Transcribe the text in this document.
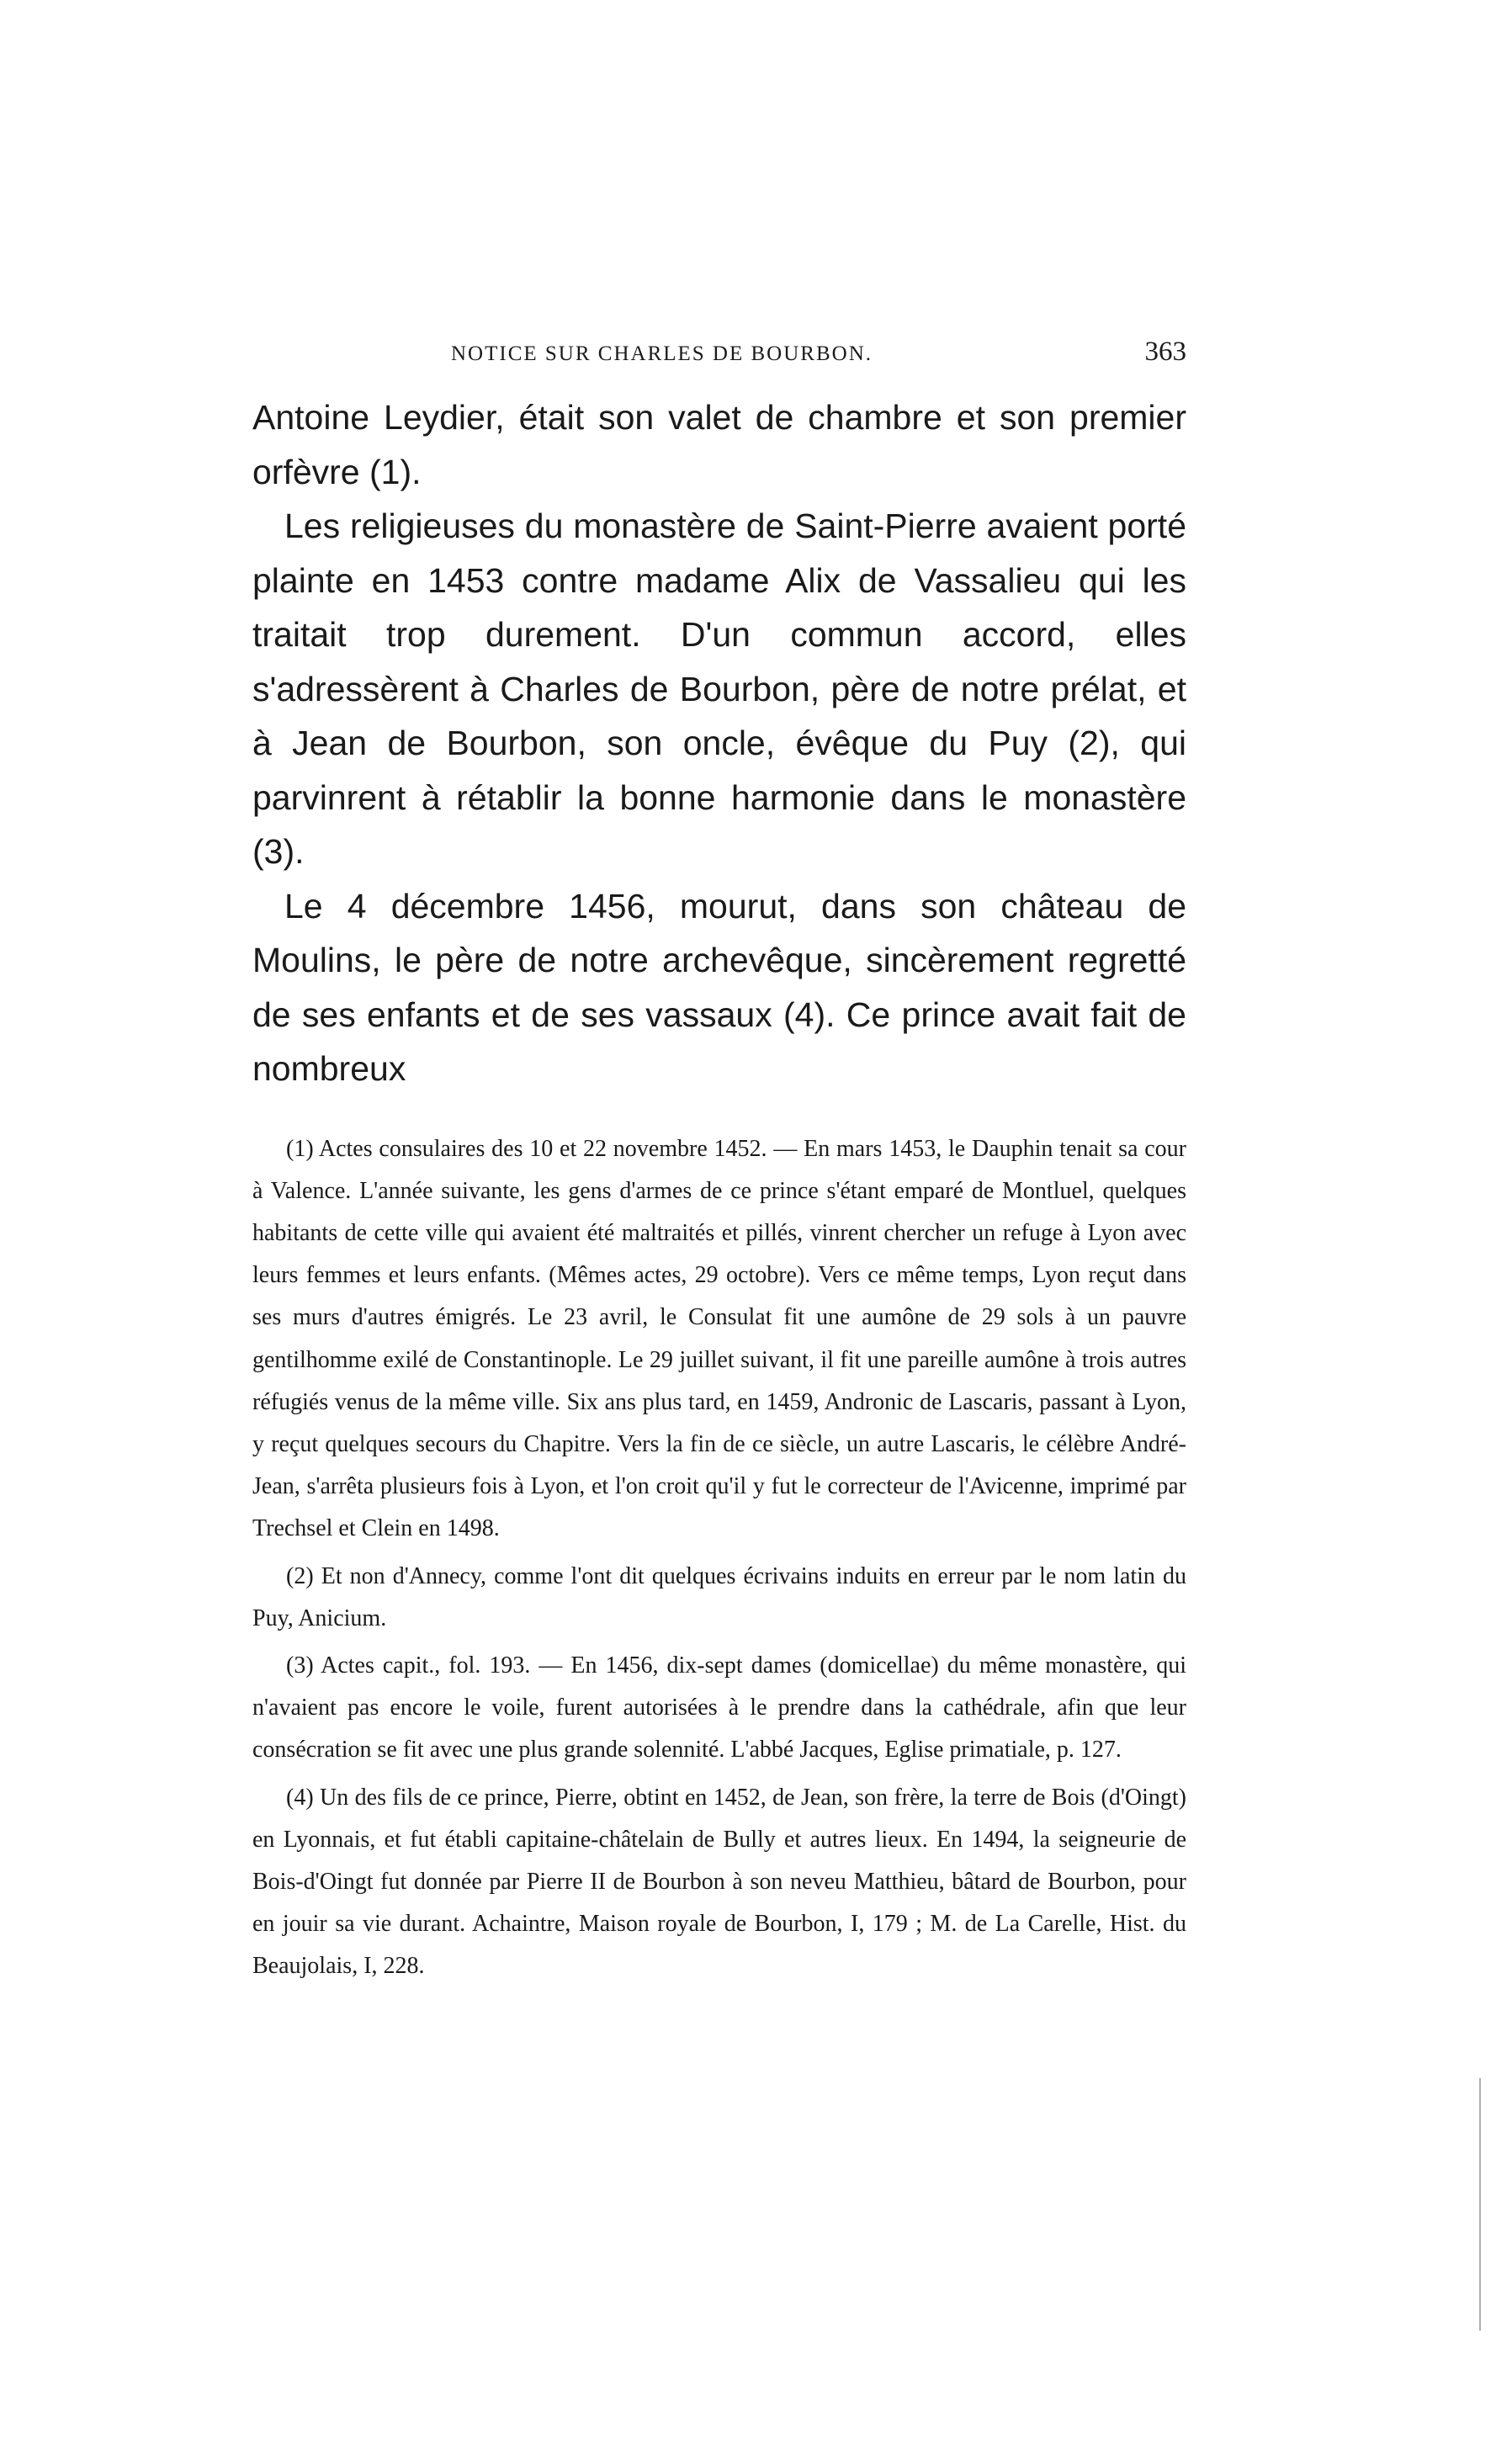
NOTICE SUR CHARLES DE BOURBON.	363

Antoine Leydier, était son valet de chambre et son premier orfèvre (1).

Les religieuses du monastère de Saint-Pierre avaient porté plainte en 1453 contre madame Alix de Vassalieu qui les traitait trop durement. D'un commun accord, elles s'adressèrent à Charles de Bourbon, père de notre prélat, et à Jean de Bourbon, son oncle, évêque du Puy (2), qui parvinrent à rétablir la bonne harmonie dans le monastère (3).

Le 4 décembre 1456, mourut, dans son château de Moulins, le père de notre archevêque, sincèrement regretté de ses enfants et de ses vassaux (4). Ce prince avait fait de nombreux

(1) Actes consulaires des 10 et 22 novembre 1452. — En mars 1453, le Dauphin tenait sa cour à Valence. L'année suivante, les gens d'armes de ce prince s'étant emparé de Montluel, quelques habitants de cette ville qui avaient été maltraités et pillés, vinrent chercher un refuge à Lyon avec leurs femmes et leurs enfants. (Mêmes actes, 29 octobre). Vers ce même temps, Lyon reçut dans ses murs d'autres émigrés. Le 23 avril, le Consulat fit une aumône de 29 sols à un pauvre gentilhomme exilé de Constantinople. Le 29 juillet suivant, il fit une pareille aumône à trois autres réfugiés venus de la même ville. Six ans plus tard, en 1459, Andronic de Lascaris, passant à Lyon, y reçut quelques secours du Chapitre. Vers la fin de ce siècle, un autre Lascaris, le célèbre André-Jean, s'arrêta plusieurs fois à Lyon, et l'on croit qu'il y fut le correcteur de l'Avicenne, imprimé par Trechsel et Clein en 1498.

(2) Et non d'Annecy, comme l'ont dit quelques écrivains induits en erreur par le nom latin du Puy, Anicium.

(3) Actes capit., fol. 193. — En 1456, dix-sept dames (domicellae) du même monastère, qui n'avaient pas encore le voile, furent autorisées à le prendre dans la cathédrale, afin que leur consécration se fit avec une plus grande solennité. L'abbé Jacques, Eglise primatiale, p. 127.

(4) Un des fils de ce prince, Pierre, obtint en 1452, de Jean, son frère, la terre de Bois (d'Oingt) en Lyonnais, et fut établi capitaine-châtelain de Bully et autres lieux. En 1494, la seigneurie de Bois-d'Oingt fut donnée par Pierre II de Bourbon à son neveu Matthieu, bâtard de Bourbon, pour en jouir sa vie durant. Achaintre, Maison royale de Bourbon, I, 179 ; M. de La Carelle, Hist. du Beaujolais, I, 228.
